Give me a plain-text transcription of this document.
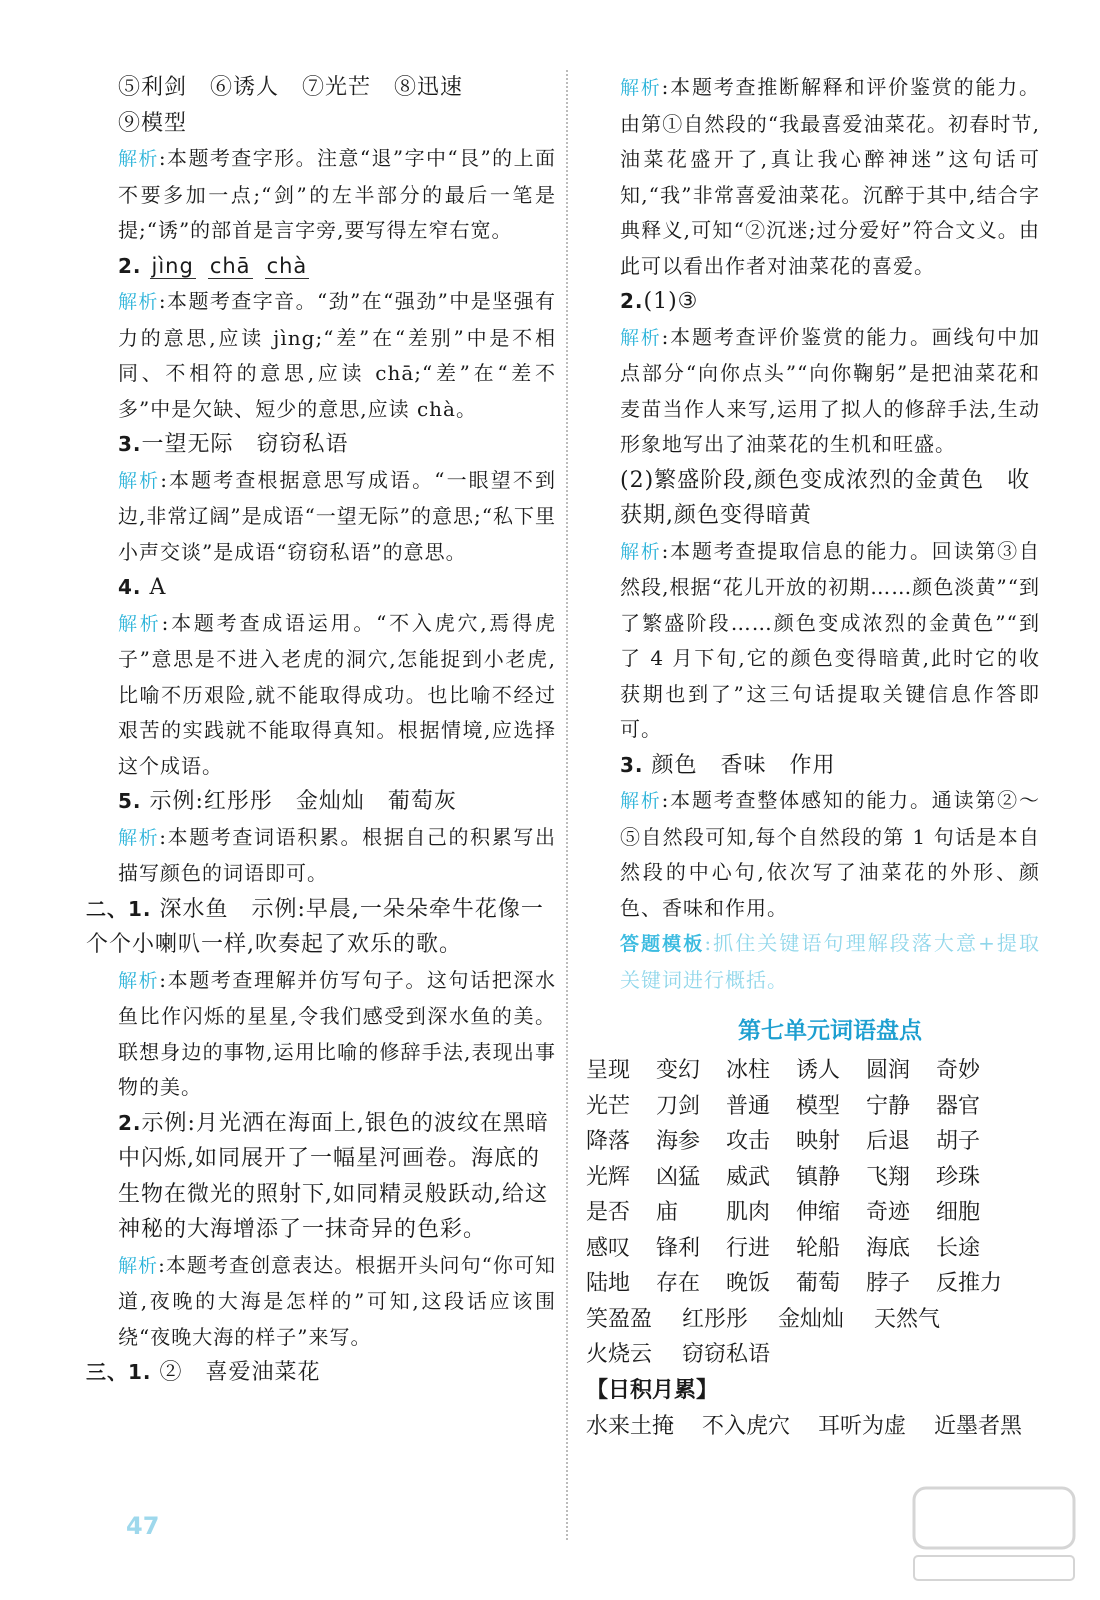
⑤利剑　⑥诱人　⑦光芒　⑧迅速

⑨模型

解析:本题考查字形。注意“退”字中“艮”的上面不要多加一点;“剑”的左半部分的最后一笔是提;“诱”的部首是言字旁,要写得左窄右宽。

2. jìng chā chà

解析:本题考查字音。“劲”在“强劲”中是坚强有力的意思,应读 jìng;“差”在“差别”中是不相同、不相符的意思,应读 chā;“差”在“差不多”中是欠缺、短少的意思,应读 chà。

3.一望无际　窃窃私语

解析:本题考查根据意思写成语。“一眼望不到边,非常辽阔”是成语“一望无际”的意思;“私下里小声交谈”是成语“窃窃私语”的意思。

4. A

解析:本题考查成语运用。“不入虎穴,焉得虎子”意思是不进入老虎的洞穴,怎能捉到小老虎,比喻不历艰险,就不能取得成功。也比喻不经过艰苦的实践就不能取得真知。根据情境,应选择这个成语。

5. 示例:红彤彤　金灿灿　葡萄灰

解析:本题考查词语积累。根据自己的积累写出描写颜色的词语即可。

二、1. 深水鱼　示例:早晨,一朵朵牵牛花像一个个小喇叭一样,吹奏起了欢乐的歌。

解析:本题考查理解并仿写句子。这句话把深水鱼比作闪烁的星星,令我们感受到深水鱼的美。联想身边的事物,运用比喻的修辞手法,表现出事物的美。

2.示例:月光洒在海面上,银色的波纹在黑暗中闪烁,如同展开了一幅星河画卷。海底的生物在微光的照射下,如同精灵般跃动,给这神秘的大海增添了一抹奇异的色彩。

解析:本题考查创意表达。根据开头问句“你可知道,夜晚的大海是怎样的”可知,这段话应该围绕“夜晚大海的样子”来写。

三、1. ②　喜爱油菜花

解析:本题考查推断解释和评价鉴赏的能力。由第①自然段的“我最喜爱油菜花。初春时节,油菜花盛开了,真让我心醉神迷”这句话可知,“我”非常喜爱油菜花。沉醉于其中,结合字典释义,可知“②沉迷;过分爱好”符合文义。由此可以看出作者对油菜花的喜爱。

2.(1)③

解析:本题考查评价鉴赏的能力。画线句中加点部分“向你点头”“向你鞠躬”是把油菜花和麦苗当作人来写,运用了拟人的修辞手法,生动形象地写出了油菜花的生机和旺盛。

(2)繁盛阶段,颜色变成浓烈的金黄色　收获期,颜色变得暗黄

解析:本题考查提取信息的能力。回读第③自然段,根据“花儿开放的初期……颜色淡黄”“到了繁盛阶段……颜色变成浓烈的金黄色”“到了 4 月下旬,它的颜色变得暗黄,此时它的收获期也到了”这三句话提取关键信息作答即可。

3. 颜色　香味　作用

解析:本题考查整体感知的能力。通读第②～⑤自然段可知,每个自然段的第 1 句话是本自然段的中心句,依次写了油菜花的外形、颜色、香味和作用。

答题模板:抓住关键语句理解段落大意+提取关键词进行概括。

第七单元词语盘点
呈现	变幻	冰柱	诱人	圆润	奇妙
光芒	刀剑	普通	模型	宁静	器官
降落	海参	攻击	映射	后退	胡子
光辉	凶猛	威武	镇静	飞翔	珍珠
是否	庙	肌肉	伸缩	奇迹	细胞
感叹	锋利	行进	轮船	海底	长途
陆地	存在	晚饭	葡萄	脖子	反推力
笑盈盈	红彤彤	金灿灿	天然气
火烧云	窃窃私语
【日积月累】
水来土掩 不入虎穴 耳听为虚 近墨者黑
47
